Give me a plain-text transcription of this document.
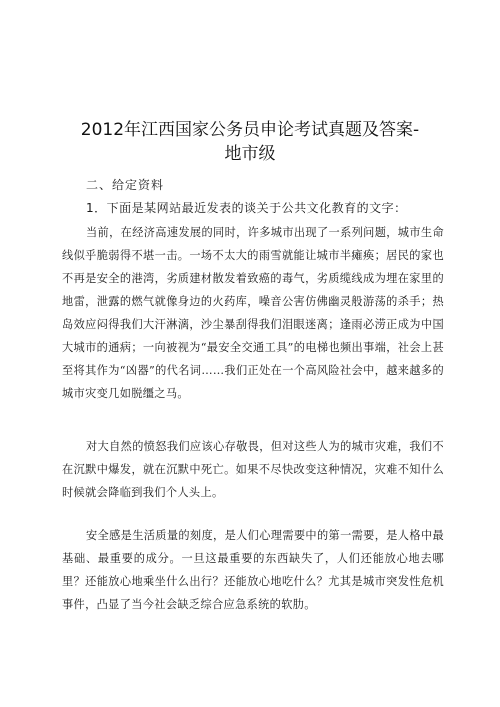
2012年江西国家公务员申论考试真题及答案-
地市级

二、给定资料

1．下面是某网站最近发表的谈关于公共文化教育的文字：

当前，在经济高速发展的同时，许多城市出现了一系列问题，城市生命线似乎脆弱得不堪一击。一场不太大的雨雪就能让城市半瘫痪；居民的家也不再是安全的港湾，劣质建材散发着致癌的毒气，劣质缆线成为埋在家里的地雷，泄露的燃气就像身边的火药库，噪音公害仿佛幽灵般游荡的杀手；热岛效应闷得我们大汗淋漓，沙尘暴刮得我们泪眼迷离；逢雨必涝正成为中国大城市的通病；一向被视为“最安全交通工具”的电梯也频出事端，社会上甚至将其作为“凶器”的代名词……我们正处在一个高风险社会中，越来越多的城市灾变几如脱缰之马。

对大自然的愤怒我们应该心存敬畏，但对这些人为的城市灾难，我们不在沉默中爆发，就在沉默中死亡。如果不尽快改变这种情况，灾难不知什么时候就会降临到我们个人头上。

安全感是生活质量的刻度，是人们心理需要中的第一需要，是人格中最基础、最重要的成分。一旦这最重要的东西缺失了，人们还能放心地去哪里？还能放心地乘坐什么出行？还能放心地吃什么？尤其是城市突发性危机事件，凸显了当今社会缺乏综合应急系统的软肋。
